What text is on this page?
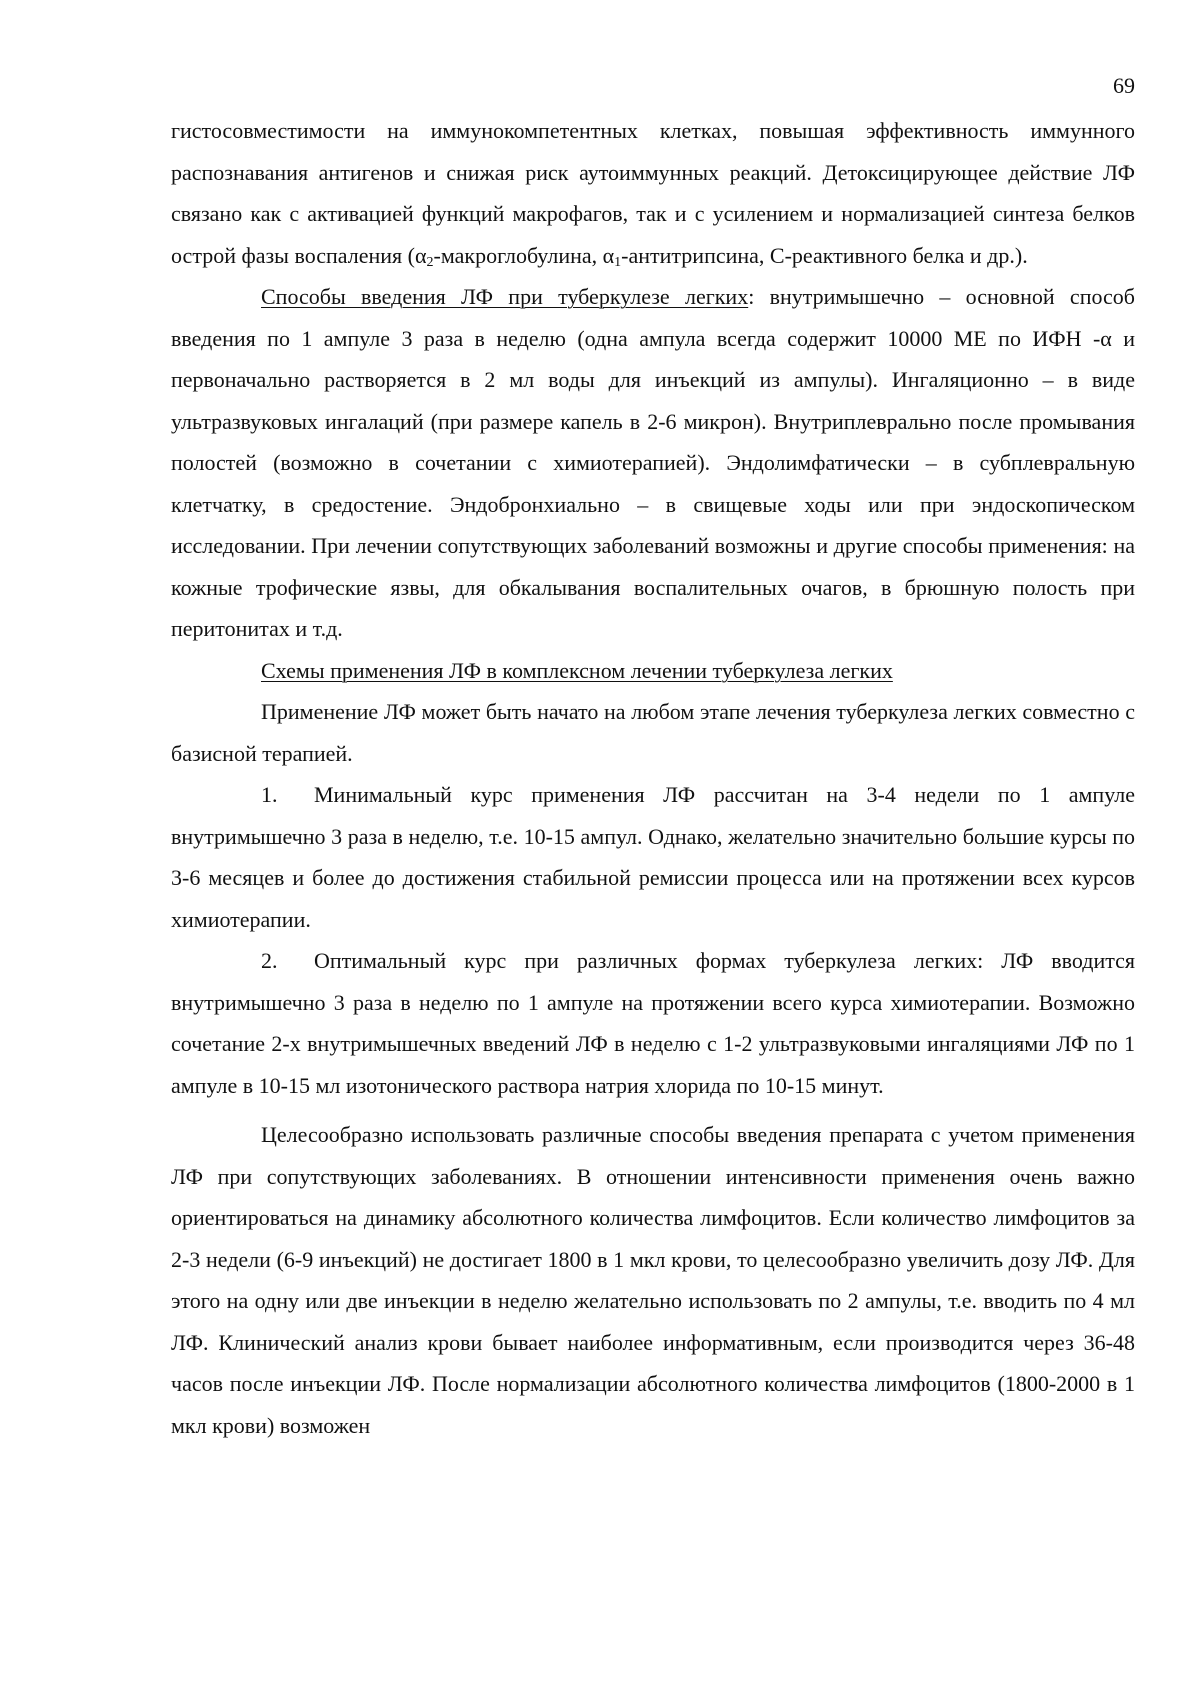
69

гистосовместимости на иммунокомпетентных клетках, повышая эффективность иммунного распознавания антигенов и снижая риск аутоиммунных реакций. Детоксицирующее действие ЛФ связано как с активацией функций макрофагов, так и с усилением и нормализацией синтеза белков острой фазы воспаления ($\alpha_2$-макроглобулина, $\alpha_1$-антитрипсина, С-реактивного белка и др.).

Способы введения ЛФ при туберкулезе легких: внутримышечно – основной способ введения по 1 ампуле 3 раза в неделю (одна ампула всегда содержит 10000 МЕ по ИФН -α и первоначально растворяется в 2 мл воды для инъекций из ампулы). Ингаляционно – в виде ультразвуковых ингалаций (при размере капель в 2-6 микрон). Внутриплеврально после промывания полостей (возможно в сочетании с химиотерапией). Эндолимфатически – в субплевральную клетчатку, в средостение. Эндобронхиально – в свищевые ходы или при эндоскопическом исследовании. При лечении сопутствующих заболеваний возможны и другие способы применения: на кожные трофические язвы, для обкалывания воспалительных очагов, в брюшную полость при перитонитах и т.д.

Схемы применения ЛФ в комплексном лечении туберкулеза легких

Применение ЛФ может быть начато на любом этапе лечения туберкулеза легких совместно с базисной терапией.

1. Минимальный курс применения ЛФ рассчитан на 3-4 недели по 1 ампуле внутримышечно 3 раза в неделю, т.е. 10-15 ампул. Однако, желательно значительно большие курсы по 3-6 месяцев и более до достижения стабильной ремиссии процесса или на протяжении всех курсов химиотерапии.

2. Оптимальный курс при различных формах туберкулеза легких: ЛФ вводится внутримышечно 3 раза в неделю по 1 ампуле на протяжении всего курса химиотерапии. Возможно сочетание 2-х внутримышечных введений ЛФ в неделю с 1-2 ультразвуковыми ингаляциями ЛФ по 1 ампуле в 10-15 мл изотонического раствора натрия хлорида по 10-15 минут.

Целесообразно использовать различные способы введения препарата с учетом применения ЛФ при сопутствующих заболеваниях. В отношении интенсивности применения очень важно ориентироваться на динамику абсолютного количества лимфоцитов. Если количество лимфоцитов за 2-3 недели (6-9 инъекций) не достигает 1800 в 1 мкл крови, то целесообразно увеличить дозу ЛФ. Для этого на одну или две инъекции в неделю желательно использовать по 2 ампулы, т.е. вводить по 4 мл ЛФ. Клинический анализ крови бывает наиболее информативным, если производится через 36-48 часов после инъекции ЛФ. После нормализации абсолютного количества лимфоцитов (1800-2000 в 1 мкл крови) возможен
